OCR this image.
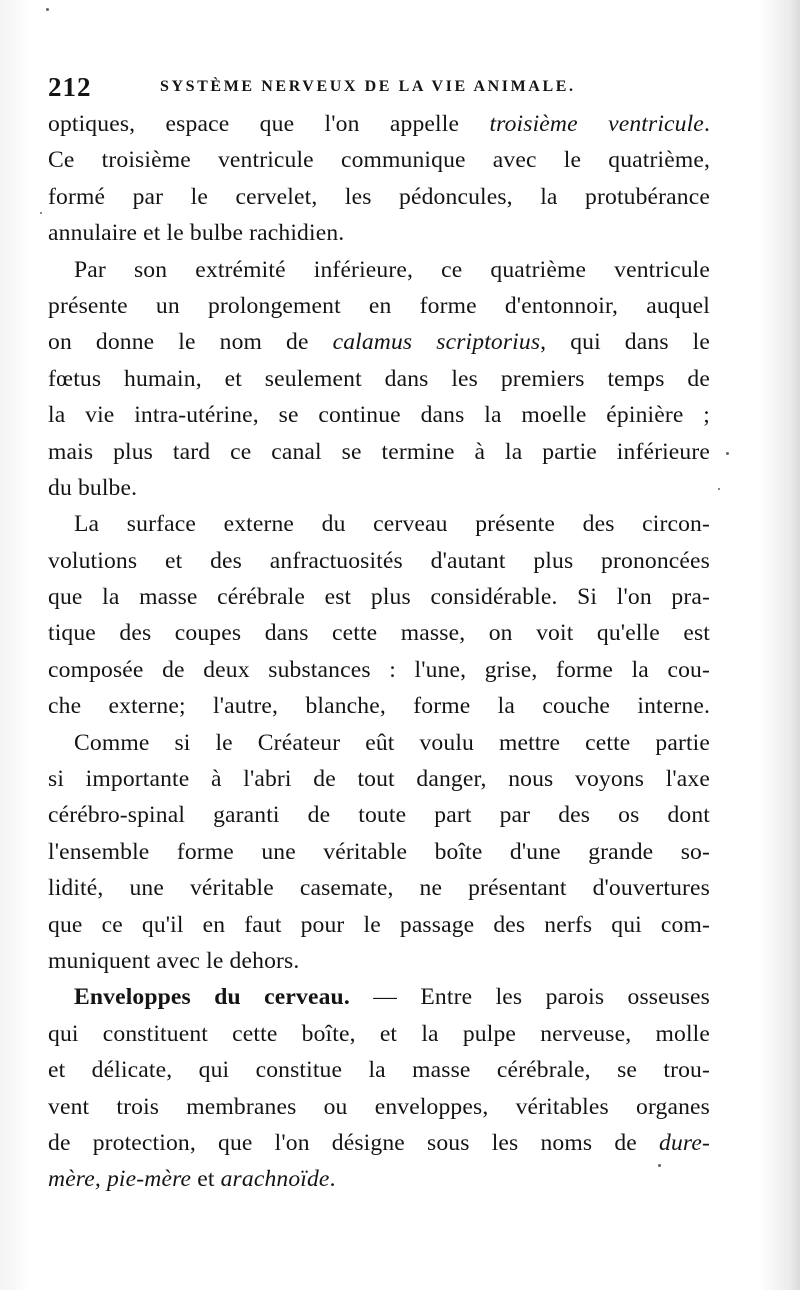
212	SYSTÈME NERVEUX DE LA VIE ANIMALE.
optiques, espace que l'on appelle troisième ventricule.
Ce troisième ventricule communique avec le quatrième,
formé par le cervelet, les pédoncules, la protubérance
annulaire et le bulbe rachidien.
Par son extrémité inférieure, ce quatrième ventricule
présente un prolongement en forme d'entonnoir, auquel
on donne le nom de calamus scriptorius, qui dans le
fœtus humain, et seulement dans les premiers temps de
la vie intra-utérine, se continue dans la moelle épinière ;
mais plus tard ce canal se termine à la partie inférieure
du bulbe.
La surface externe du cerveau présente des circon-
volutions et des anfractuosités d'autant plus prononcées
que la masse cérébrale est plus considérable. Si l'on pra-
tique des coupes dans cette masse, on voit qu'elle est
composée de deux substances : l'une, grise, forme la cou-
che externe; l'autre, blanche, forme la couche interne.
Comme si le Créateur eût voulu mettre cette partie
si importante à l'abri de tout danger, nous voyons l'axe
cérébro-spinal garanti de toute part par des os dont
l'ensemble forme une véritable boîte d'une grande so-
lidité, une véritable casemate, ne présentant d'ouvertures
que ce qu'il en faut pour le passage des nerfs qui com-
muniquent avec le dehors.
Enveloppes du cerveau. — Entre les parois osseuses
qui constituent cette boîte, et la pulpe nerveuse, molle
et délicate, qui constitue la masse cérébrale, se trou-
vent trois membranes ou enveloppes, véritables organes
de protection, que l'on désigne sous les noms de dure-
mère, pie-mère et arachnoïde.
